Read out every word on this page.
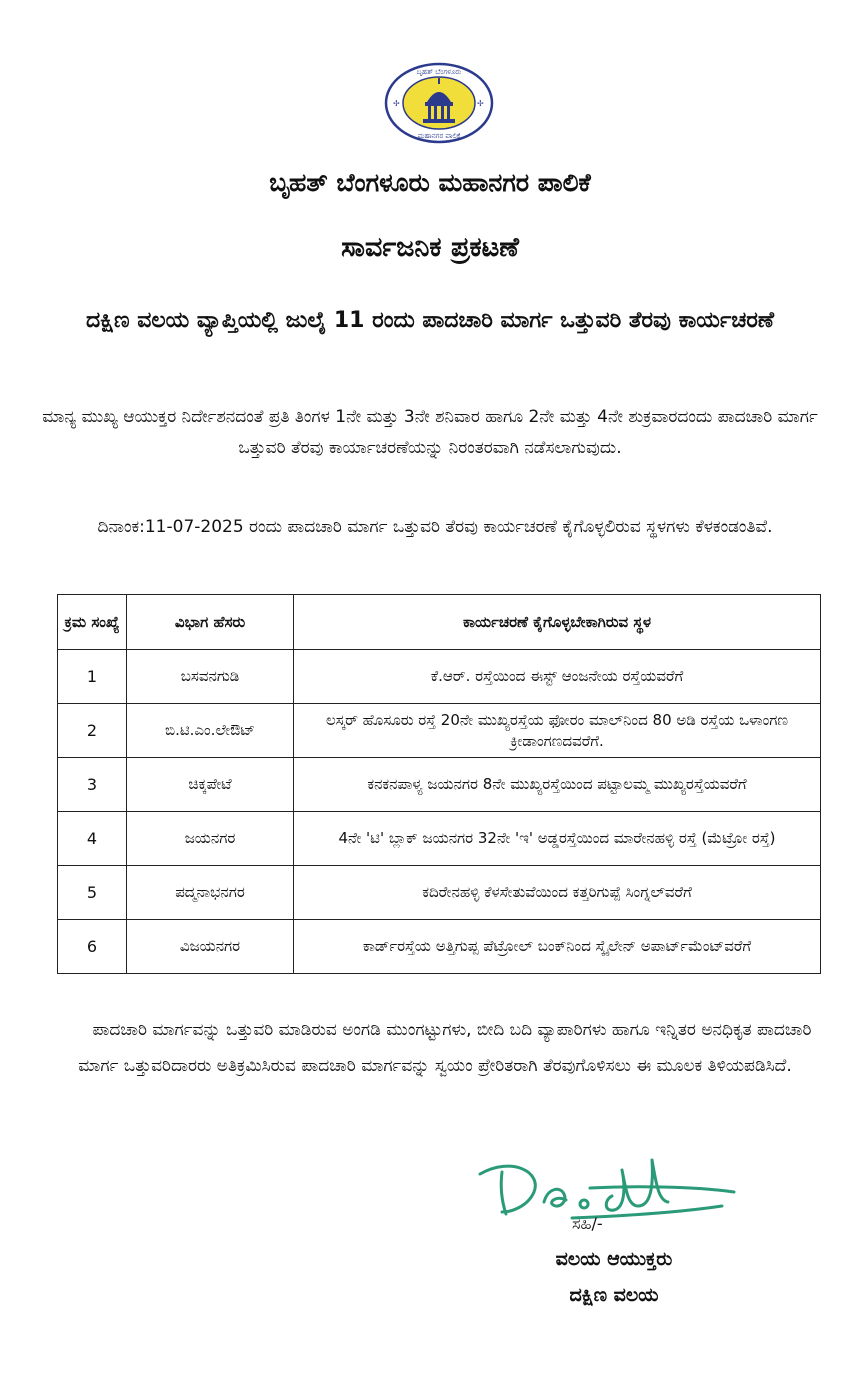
ಬೃಹತ್ ಬೆಂಗಳೂರು
ಮಹಾನಗರ ಪಾಲಿಕೆ
✢	✢
ಬೃಹತ್ ಬೆಂಗಳೂರು ಮಹಾನಗರ ಪಾಲಿಕೆ
ಸಾರ್ವಜನಿಕ ಪ್ರಕಟಣೆ
ದಕ್ಷಿಣ ವಲಯ ವ್ಯಾಪ್ತಿಯಲ್ಲಿ ಜುಲೈ 11 ರಂದು ಪಾದಚಾರಿ ಮಾರ್ಗ ಒತ್ತುವರಿ ತೆರವು ಕಾರ್ಯಚರಣೆ

ಮಾನ್ಯ ಮುಖ್ಯ ಆಯುಕ್ತರ ನಿರ್ದೇಶನದಂತೆ ಪ್ರತಿ ತಿಂಗಳ 1ನೇ ಮತ್ತು 3ನೇ ಶನಿವಾರ ಹಾಗೂ 2ನೇ ಮತ್ತು 4ನೇ ಶುಕ್ರವಾರದಂದು ಪಾದಚಾರಿ ಮಾರ್ಗ ಒತ್ತುವರಿ ತೆರವು ಕಾರ್ಯಾಚರಣೆಯನ್ನು ನಿರಂತರವಾಗಿ ನಡೆಸಲಾಗುವುದು.

ದಿನಾಂಕ:11-07-2025 ರಂದು ಪಾದಚಾರಿ ಮಾರ್ಗ ಒತ್ತುವರಿ ತೆರವು ಕಾರ್ಯಚರಣೆ ಕೈಗೊಳ್ಳಲಿರುವ ಸ್ಥಳಗಳು ಕೆಳಕಂಡಂತಿವೆ.

ಕ್ರಮ ಸಂಖ್ಯೆ	ವಿಭಾಗ ಹೆಸರು	ಕಾರ್ಯಚರಣೆ ಕೈಗೊಳ್ಳಬೇಕಾಗಿರುವ ಸ್ಥಳ
1	ಬಸವನಗುಡಿ	ಕೆ.ಆರ್. ರಸ್ತೆಯಿಂದ ಈಸ್ಟ್ ಆಂಜನೇಯ ರಸ್ತೆಯವರೆಗೆ
2	ಬಿ.ಟಿ.ಎಂ.ಲೇಔಟ್	ಲಸ್ಕರ್ ಹೊಸೂರು ರಸ್ತೆ 20ನೇ ಮುಖ್ಯರಸ್ತೆಯ ಫೋರಂ ಮಾಲ್‌ನಿಂದ 80 ಅಡಿ ರಸ್ತೆಯ ಒಳಾಂಗಣ ಕ್ರೀಡಾಂಗಣದವರೆಗೆ.
3	ಚಿಕ್ಕಪೇಟೆ	ಕನಕನಪಾಳ್ಯ ಜಯನಗರ 8ನೇ ಮುಖ್ಯರಸ್ತೆಯಿಂದ ಪಟ್ಟಾಲಮ್ಮ ಮುಖ್ಯರಸ್ತೆಯವರೆಗೆ
4	ಜಯನಗರ	4ನೇ 'ಟಿ' ಬ್ಲಾಕ್ ಜಯನಗರ 32ನೇ 'ಇ' ಅಡ್ಡರಸ್ತೆಯಿಂದ ಮಾರೇನಹಳ್ಳಿ ರಸ್ತೆ (ಮೆಟ್ರೋ ರಸ್ತೆ)
5	ಪದ್ಮನಾಭನಗರ	ಕದಿರೇನಹಳ್ಳಿ ಕೆಳಸೇತುವೆಯಿಂದ ಕತ್ತರಿಗುಪ್ಪೆ ಸಿಂಗ್ನಲ್‌ವರೆಗೆ
6	ವಿಜಯನಗರ	ಕಾರ್ಡ್‌ರಸ್ತೆಯ ಅತ್ತಿಗುಪ್ಪ ಪೆಟ್ರೋಲ್ ಬಂಕ್‌ನಿಂದ ಸ್ಕೈಲೇನ್ ಅಪಾರ್ಟ್‌ಮೆಂಟ್‌ವರೆಗೆ

ಪಾದಚಾರಿ ಮಾರ್ಗವನ್ನು ಒತ್ತುವರಿ ಮಾಡಿರುವ ಅಂಗಡಿ ಮುಂಗಟ್ಟುಗಳು, ಬೀದಿ ಬದಿ ವ್ಯಾಪಾರಿಗಳು ಹಾಗೂ ಇನ್ನಿತರ ಅನಧಿಕೃತ ಪಾದಚಾರಿ ಮಾರ್ಗ ಒತ್ತುವರಿದಾರರು ಅತಿಕ್ರಮಿಸಿರುವ ಪಾದಚಾರಿ ಮಾರ್ಗವನ್ನು ಸ್ವಯಂ ಪ್ರೇರಿತರಾಗಿ ತೆರವುಗೊಳಿಸಲು ಈ ಮೂಲಕ ತಿಳಿಯಪಡಿಸಿದೆ.

ಸಹಿ/-
ವಲಯ ಆಯುಕ್ತರು
ದಕ್ಷಿಣ ವಲಯ
